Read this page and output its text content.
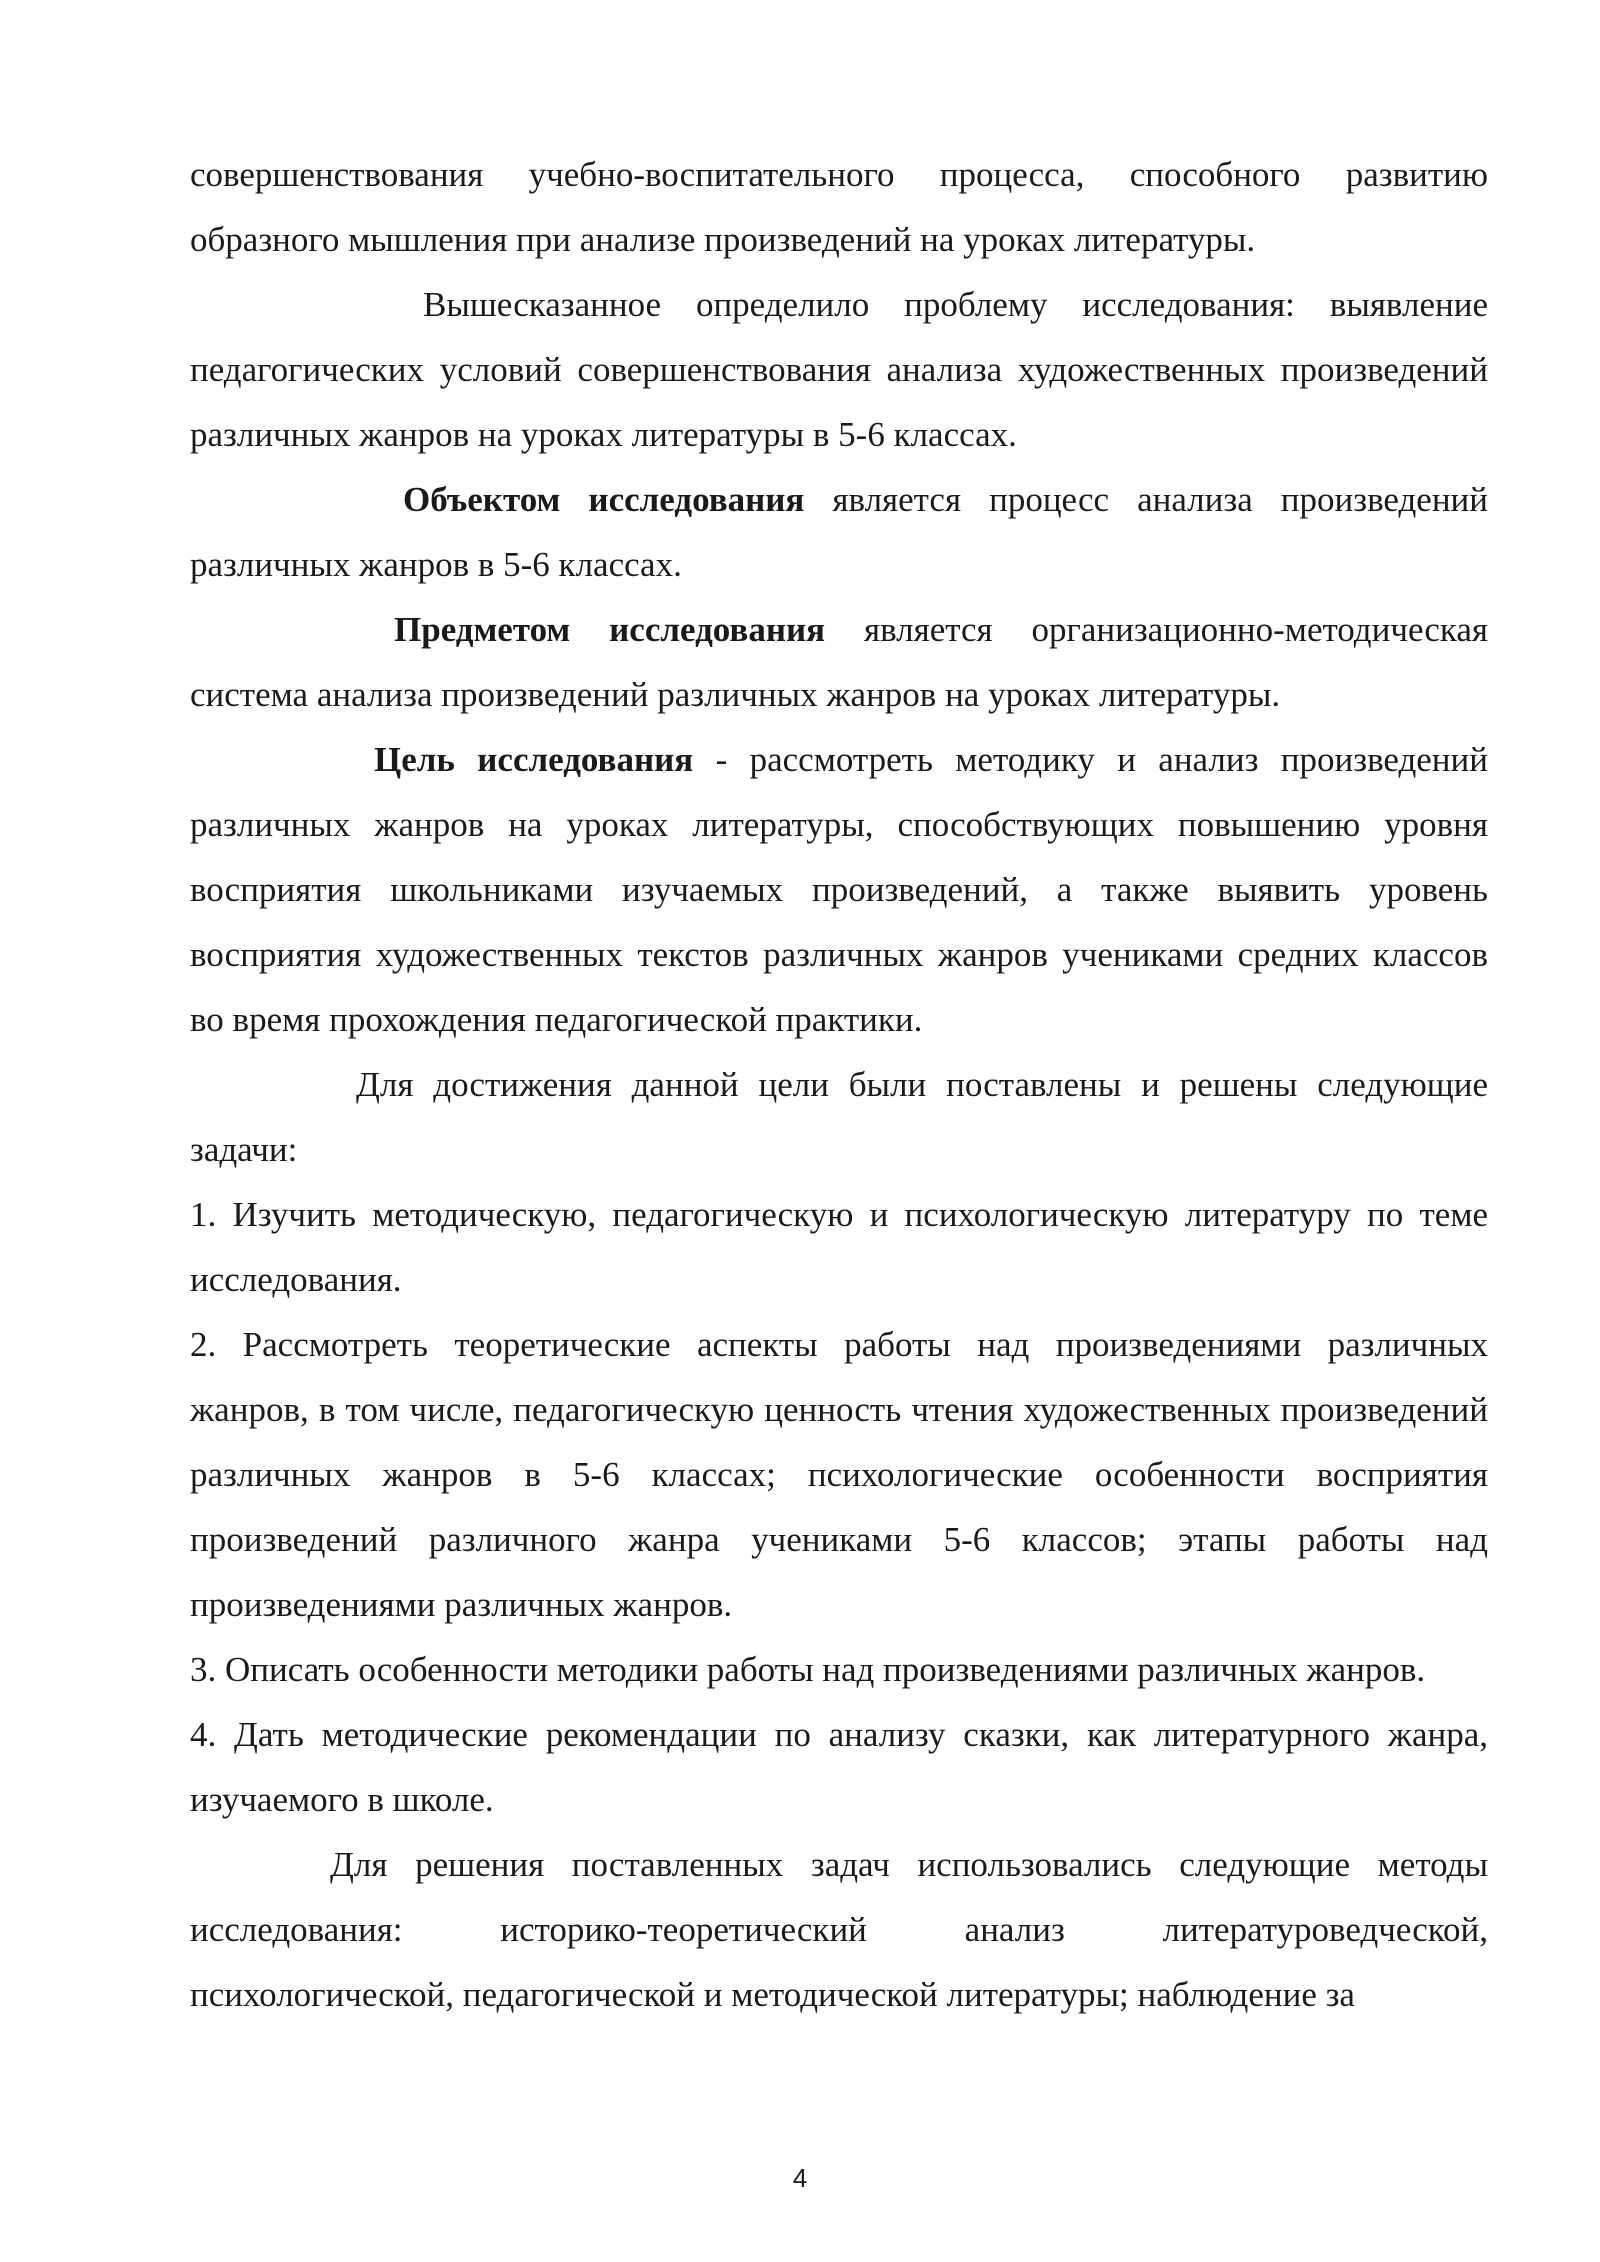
совершенствования учебно-воспитательного процесса, способного развитию образного мышления при анализе произведений на уроках литературы.

Вышесказанное определило проблему исследования: выявление педагогических условий совершенствования анализа художественных произведений различных жанров на уроках литературы в 5-6 классах.

Объектом исследования является процесс анализа произведений различных жанров в 5-6 классах.

Предметом исследования является организационно-методическая система анализа произведений различных жанров на уроках литературы.

Цель исследования - рассмотреть методику и анализ произведений различных жанров на уроках литературы, способствующих повышению уровня восприятия школьниками изучаемых произведений, а также выявить уровень восприятия художественных текстов различных жанров учениками средних классов во время прохождения педагогической практики.

Для достижения данной цели были поставлены и решены следующие задачи:

1. Изучить методическую, педагогическую и психологическую литературу по теме исследования.

2. Рассмотреть теоретические аспекты работы над произведениями различных жанров, в том числе, педагогическую ценность чтения художественных произведений различных жанров в 5-6 классах; психологические особенности восприятия произведений различного жанра учениками 5-6 классов; этапы работы над произведениями различных жанров.

3. Описать особенности методики работы над произведениями различных жанров.

4. Дать методические рекомендации по анализу сказки, как литературного жанра, изучаемого в школе.

Для решения поставленных задач использовались следующие методы исследования: историко-теоретический анализ литературоведческой, психологической, педагогической и методической литературы; наблюдение за

4
